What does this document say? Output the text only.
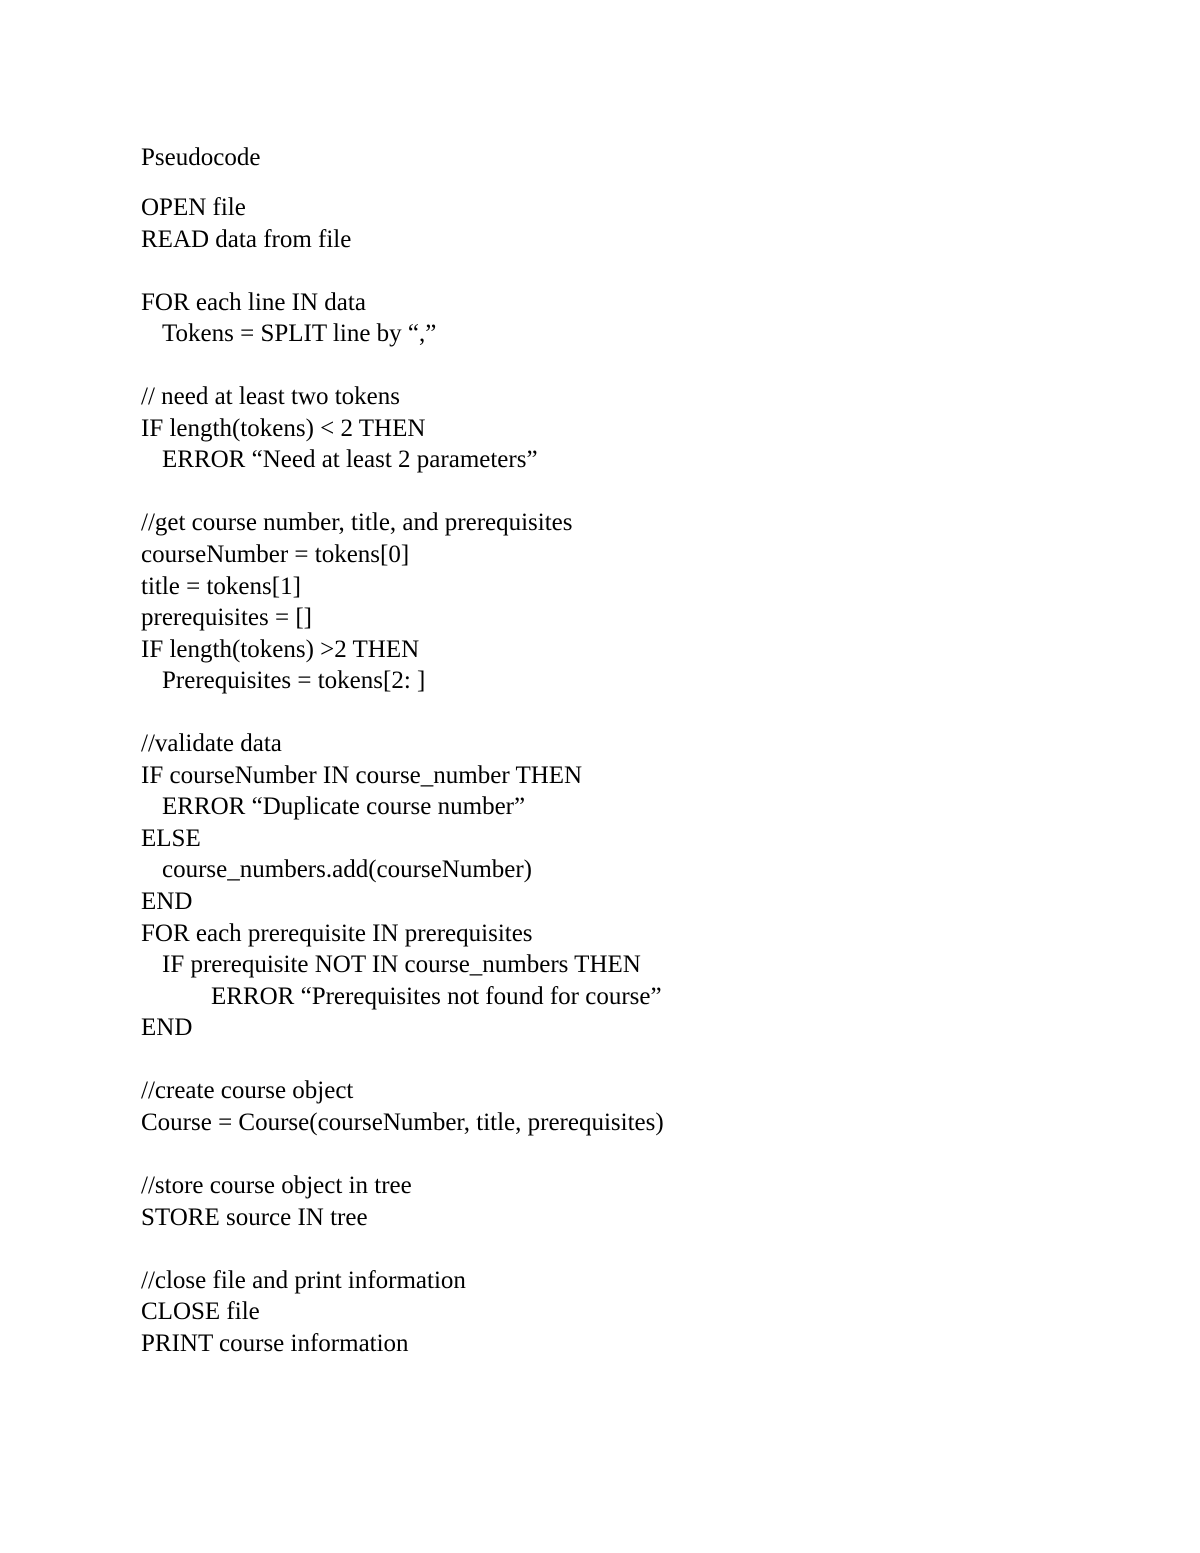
Pseudocode
OPEN file
READ data from file
FOR each line IN data
Tokens = SPLIT line by “,”
// need at least two tokens
IF length(tokens) < 2 THEN
ERROR “Need at least 2 parameters”
//get course number, title, and prerequisites
courseNumber = tokens[0]
title = tokens[1]
prerequisites = []
IF length(tokens) >2 THEN
Prerequisites = tokens[2: ]
//validate data
IF courseNumber IN course_number THEN
ERROR “Duplicate course number”
ELSE
course_numbers.add(courseNumber)
END
FOR each prerequisite IN prerequisites
IF prerequisite NOT IN course_numbers THEN
ERROR “Prerequisites not found for course”
END
//create course object
Course = Course(courseNumber, title, prerequisites)
//store course object in tree
STORE source IN tree
//close file and print information
CLOSE file
PRINT course information
